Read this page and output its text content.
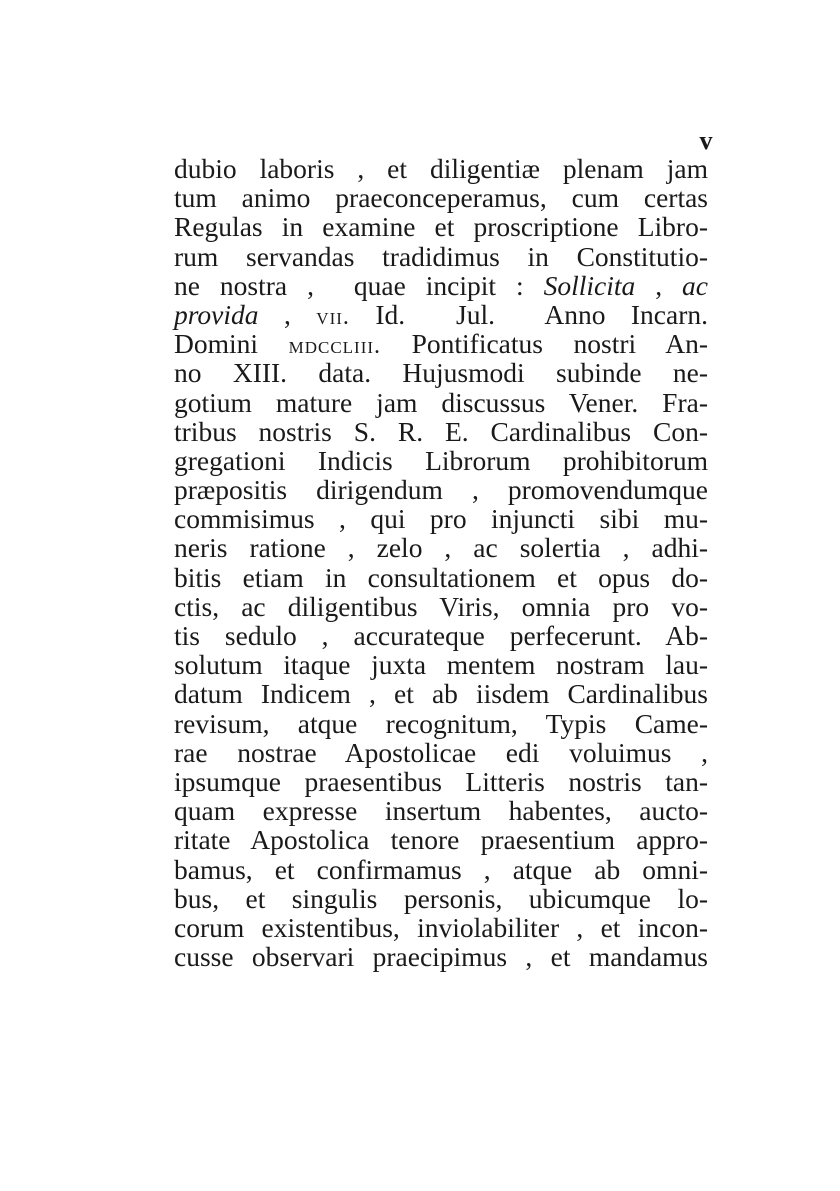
v
dubio laboris , et diligentiæ plenam jam
tum animo praeconceperamus, cum certas
Regulas in examine et proscriptione Libro-
rum servandas tradidimus in Constitutio-
ne nostra ,  quae incipit : Sollicita , ac
provida , vii. Id.  Jul.  Anno Incarn.
Domini mdccliii. Pontificatus nostri An-
no XIII. data. Hujusmodi subinde ne-
gotium mature jam discussus Vener. Fra-
tribus nostris S. R. E. Cardinalibus Con-
gregationi Indicis Librorum prohibitorum
præpositis dirigendum , promovendumque
commisimus , qui pro injuncti sibi mu-
neris ratione , zelo , ac solertia , adhi-
bitis etiam in consultationem et opus do-
ctis, ac diligentibus Viris, omnia pro vo-
tis sedulo , accurateque perfecerunt. Ab-
solutum itaque juxta mentem nostram lau-
datum Indicem , et ab iisdem Cardinalibus
revisum, atque recognitum, Typis Came-
rae nostrae Apostolicae edi voluimus ,
ipsumque praesentibus Litteris nostris tan-
quam expresse insertum habentes, aucto-
ritate Apostolica tenore praesentium appro-
bamus, et confirmamus , atque ab omni-
bus, et singulis personis, ubicumque lo-
corum existentibus, inviolabiliter , et incon-
cusse observari praecipimus , et mandamus
